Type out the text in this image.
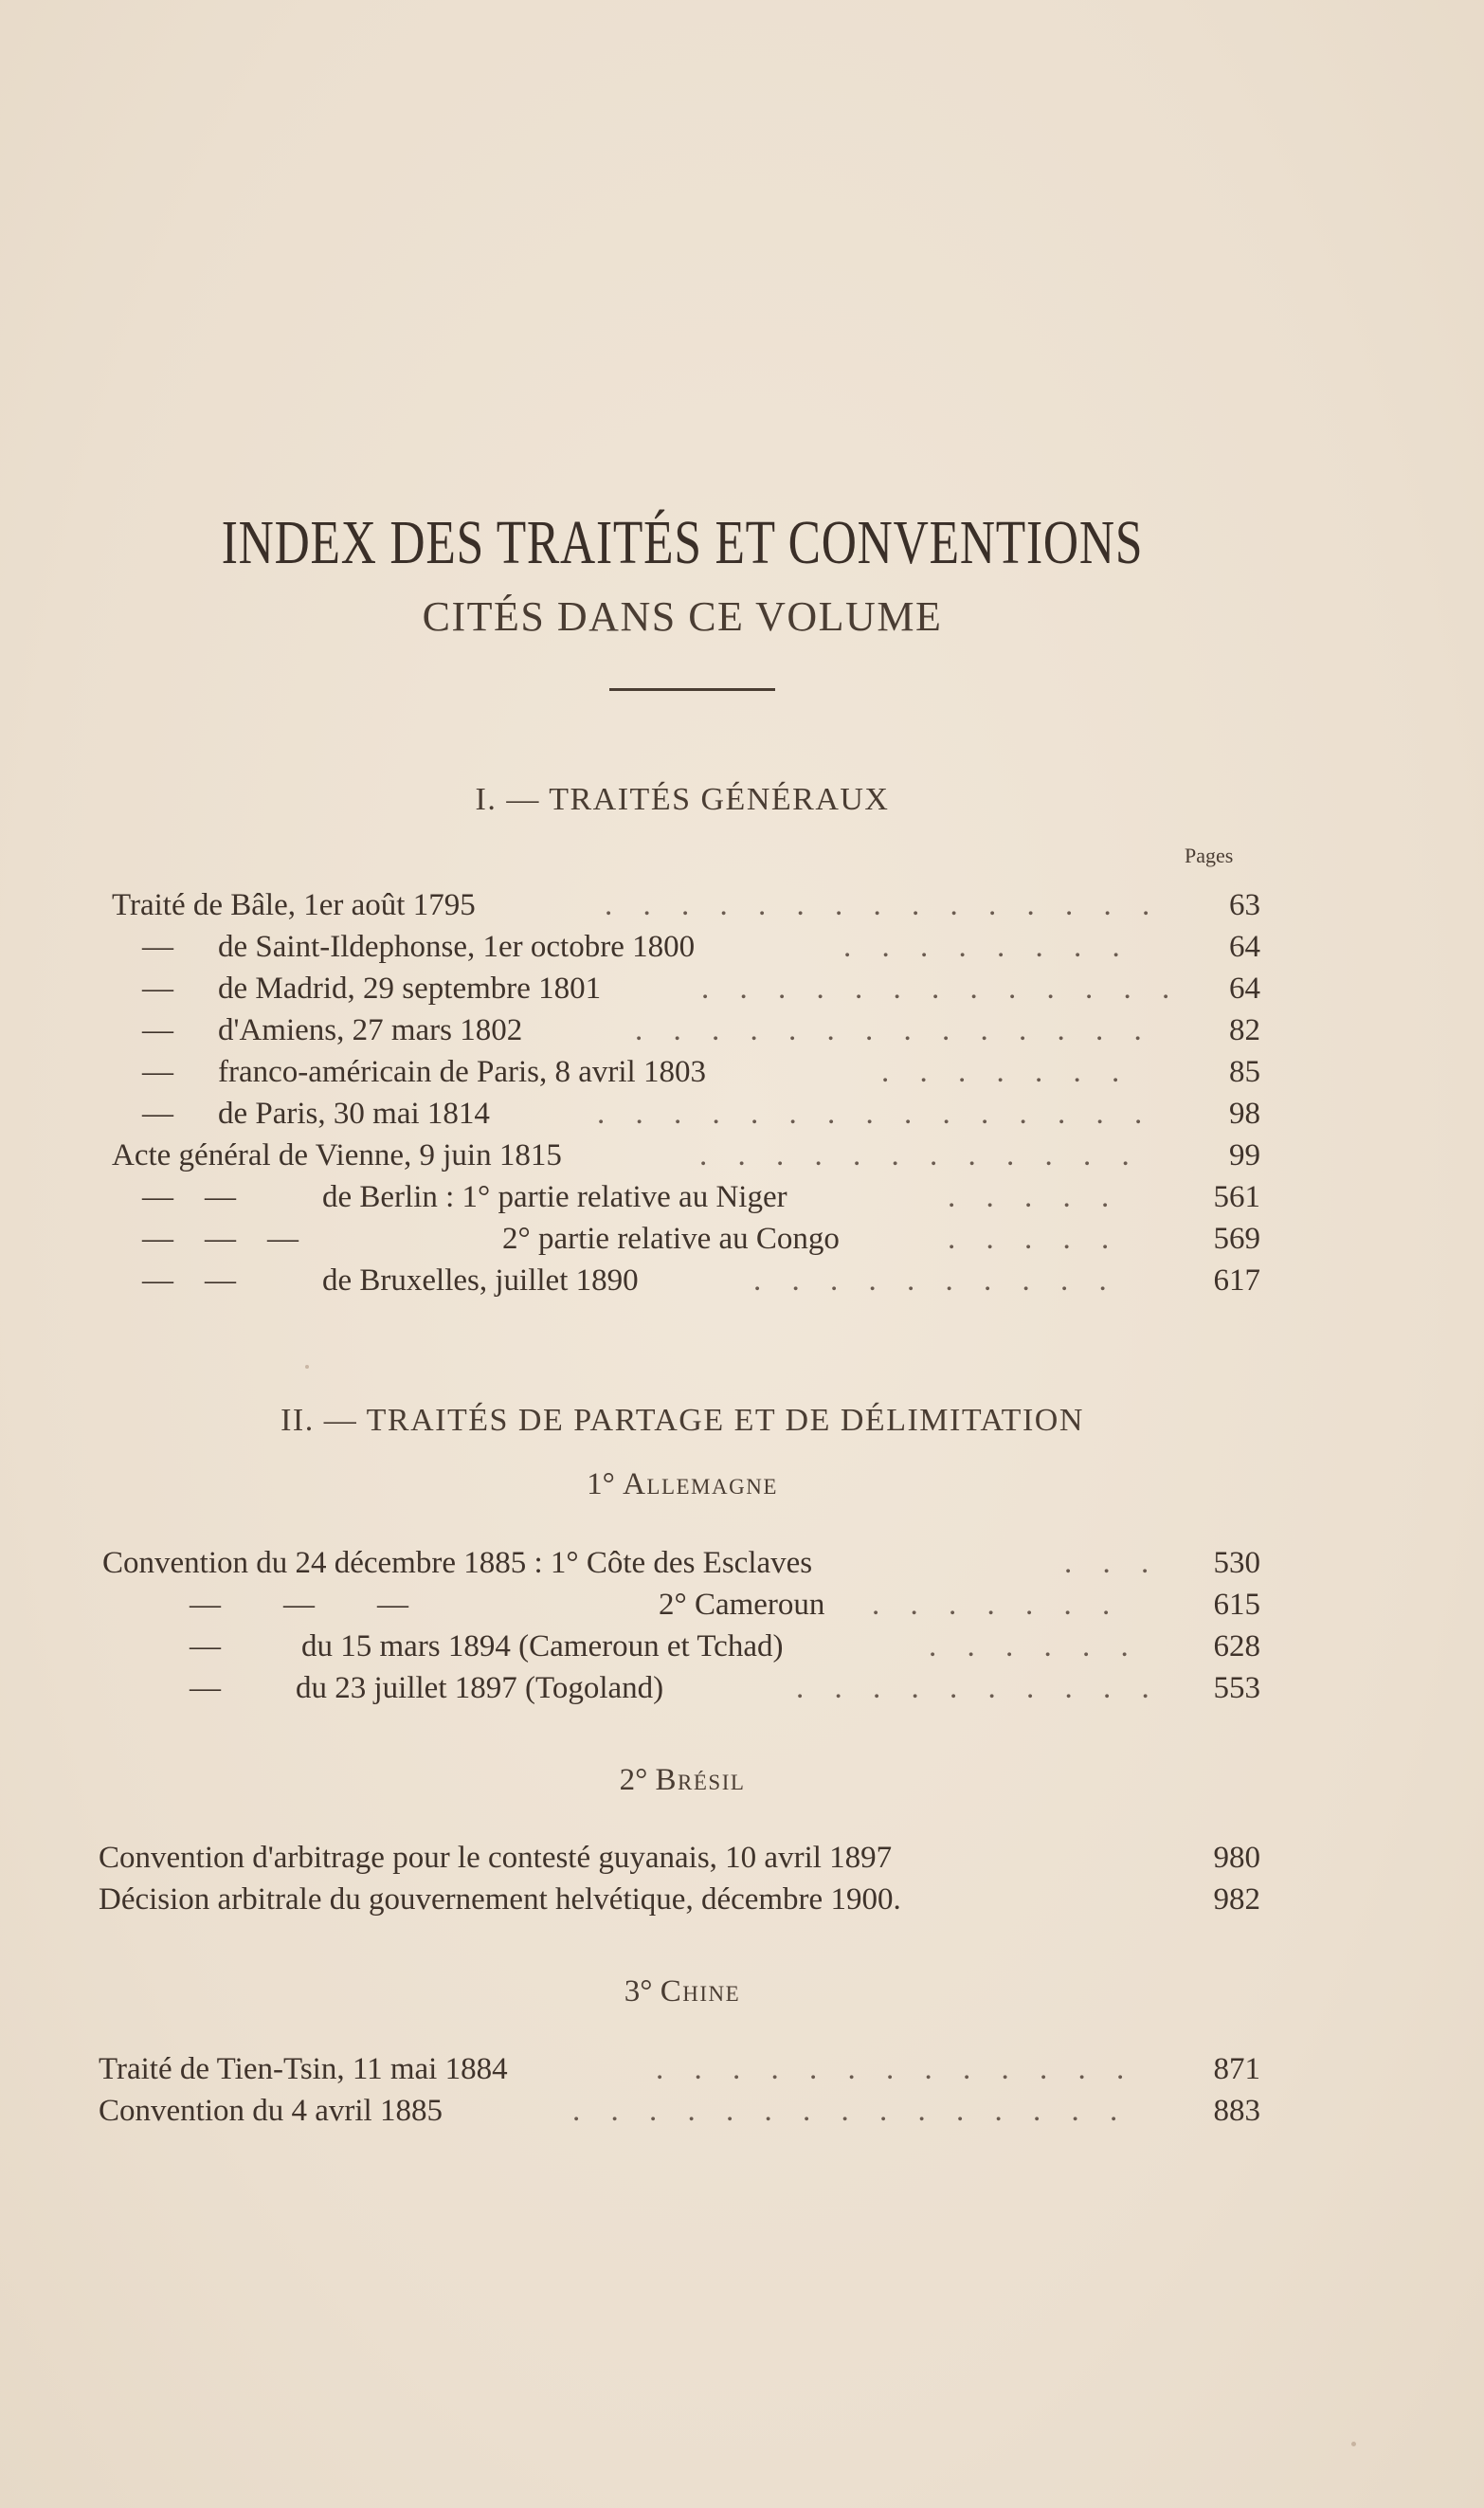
INDEX DES TRAITÉS ET CONVENTIONS
CITÉS DANS CE VOLUME
I. — TRAITÉS GÉNÉRAUX
Pages
Traité de Bâle, 1er août 1795	. . . . . . . . . . . . . . .	63
— de Saint-Ildephonse, 1er octobre 1800	. . . . . . . .	64
— de Madrid, 29 septembre 1801	. . . . . . . . . . . . .	64
— d'Amiens, 27 mars 1802	. . . . . . . . . . . . . .	82
— franco-américain de Paris, 8 avril 1803	. . . . . . .	85
— de Paris, 30 mai 1814	. . . . . . . . . . . . . . .	98
Acte général de Vienne, 9 juin 1815	. . . . . . . . . . . .	99
—    —	de Berlin : 1° partie relative au Niger	. . . . .	561
—    —    —	2° partie relative au Congo	. . . . .	569
—    —	de Bruxelles, juillet 1890	. . . . . . . . . .	617
II. — TRAITÉS DE PARTAGE ET DE DÉLIMITATION
1° Allemagne
Convention du 24 décembre 1885 : 1° Côte des Esclaves	. . .	530
—        —        —	2° Cameroun . . . . . . .	615
—	du 15 mars 1894 (Cameroun et Tchad)	. . . . . .	628
— du 23 juillet 1897 (Togoland)	. . . . . . . . . .	553
2° Brésil
Convention d'arbitrage pour le contesté guyanais, 10 avril 1897	980
Décision arbitrale du gouvernement helvétique, décembre 1900.	982
3° Chine
Traité de Tien-Tsin, 11 mai 1884	. . . . . . . . . . . . .	871
Convention du 4 avril 1885	. . . . . . . . . . . . . . .	883
